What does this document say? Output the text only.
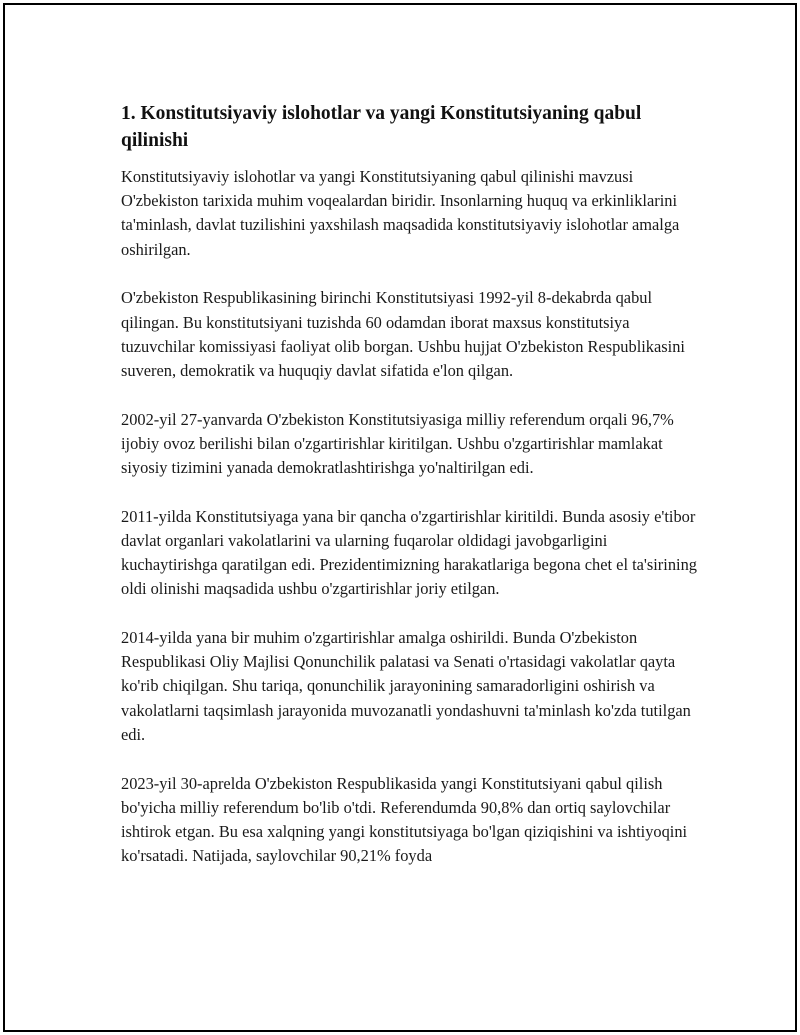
1. Konstitutsiyaviy islohotlar va yangi Konstitutsiyaning qabul qilinishi

Konstitutsiyaviy islohotlar va yangi Konstitutsiyaning qabul qilinishi mavzusi O'zbekiston tarixida muhim voqealardan biridir. Insonlarning huquq va erkinliklarini ta'minlash, davlat tuzilishini yaxshilash maqsadida konstitutsiyaviy islohotlar amalga oshirilgan.

O'zbekiston Respublikasining birinchi Konstitutsiyasi 1992-yil 8-dekabrda qabul qilingan. Bu konstitutsiyani tuzishda 60 odamdan iborat maxsus konstitutsiya tuzuvchilar komissiyasi faoliyat olib borgan. Ushbu hujjat O'zbekiston Respublikasini suveren, demokratik va huquqiy davlat sifatida e'lon qilgan.

2002-yil 27-yanvarda O'zbekiston Konstitutsiyasiga milliy referendum orqali 96,7% ijobiy ovoz berilishi bilan o'zgartirishlar kiritilgan. Ushbu o'zgartirishlar mamlakat siyosiy tizimini yanada demokratlashtirishga yo'naltirilgan edi.

2011-yilda Konstitutsiyaga yana bir qancha o'zgartirishlar kiritildi. Bunda asosiy e'tibor davlat organlari vakolatlarini va ularning fuqarolar oldidagi javobgarligini kuchaytirishga qaratilgan edi. Prezidentimizning harakatlariga begona chet el ta'sirining oldi olinishi maqsadida ushbu o'zgartirishlar joriy etilgan.

2014-yilda yana bir muhim o'zgartirishlar amalga oshirildi. Bunda O'zbekiston Respublikasi Oliy Majlisi Qonunchilik palatasi va Senati o'rtasidagi vakolatlar qayta ko'rib chiqilgan. Shu tariqa, qonunchilik jarayonining samaradorligini oshirish va vakolatlarni taqsimlash jarayonida muvozanatli yondashuvni ta'minlash ko'zda tutilgan edi.

2023-yil 30-aprelda O'zbekiston Respublikasida yangi Konstitutsiyani qabul qilish bo'yicha milliy referendum bo'lib o'tdi. Referendumda 90,8% dan ortiq saylovchilar ishtirok etgan. Bu esa xalqning yangi konstitutsiyaga bo'lgan qiziqishini va ishtiyoqini ko'rsatadi. Natijada, saylovchilar 90,21% foyda
